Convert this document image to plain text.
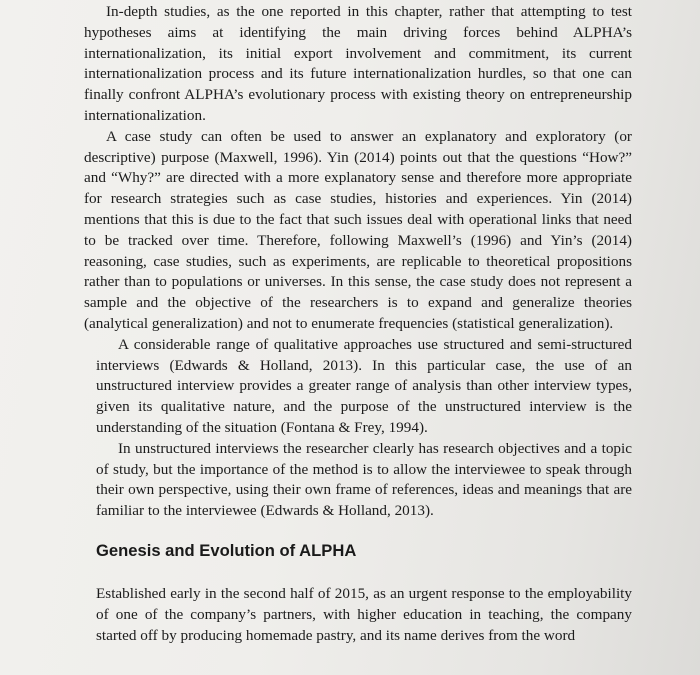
In-depth studies, as the one reported in this chapter, rather that attempting to test hypotheses aims at identifying the main driving forces behind ALPHA’s internationalization, its initial export involvement and commitment, its current internationalization process and its future internationalization hurdles, so that one can finally confront ALPHA’s evolutionary process with existing theory on entrepreneurship internationalization.

A case study can often be used to answer an explanatory and exploratory (or descriptive) purpose (Maxwell, 1996). Yin (2014) points out that the questions “How?” and “Why?” are directed with a more explanatory sense and therefore more appropriate for research strategies such as case studies, histories and experiences. Yin (2014) mentions that this is due to the fact that such issues deal with operational links that need to be tracked over time. Therefore, following Maxwell’s (1996) and Yin’s (2014) reasoning, case studies, such as experiments, are replicable to theoretical propositions rather than to populations or universes. In this sense, the case study does not represent a sample and the objective of the researchers is to expand and generalize theories (analytical generalization) and not to enumerate frequencies (statistical generalization).

A considerable range of qualitative approaches use structured and semi-structured interviews (Edwards & Holland, 2013). In this particular case, the use of an unstructured interview provides a greater range of analysis than other interview types, given its qualitative nature, and the purpose of the unstructured interview is the understanding of the situation (Fontana & Frey, 1994).

In unstructured interviews the researcher clearly has research objectives and a topic of study, but the importance of the method is to allow the interviewee to speak through their own perspective, using their own frame of references, ideas and meanings that are familiar to the interviewee (Edwards & Holland, 2013).

Genesis and Evolution of ALPHA

Established early in the second half of 2015, as an urgent response to the employability of one of the company’s partners, with higher education in teaching, the company started off by producing homemade pastry, and its name derives from the word
